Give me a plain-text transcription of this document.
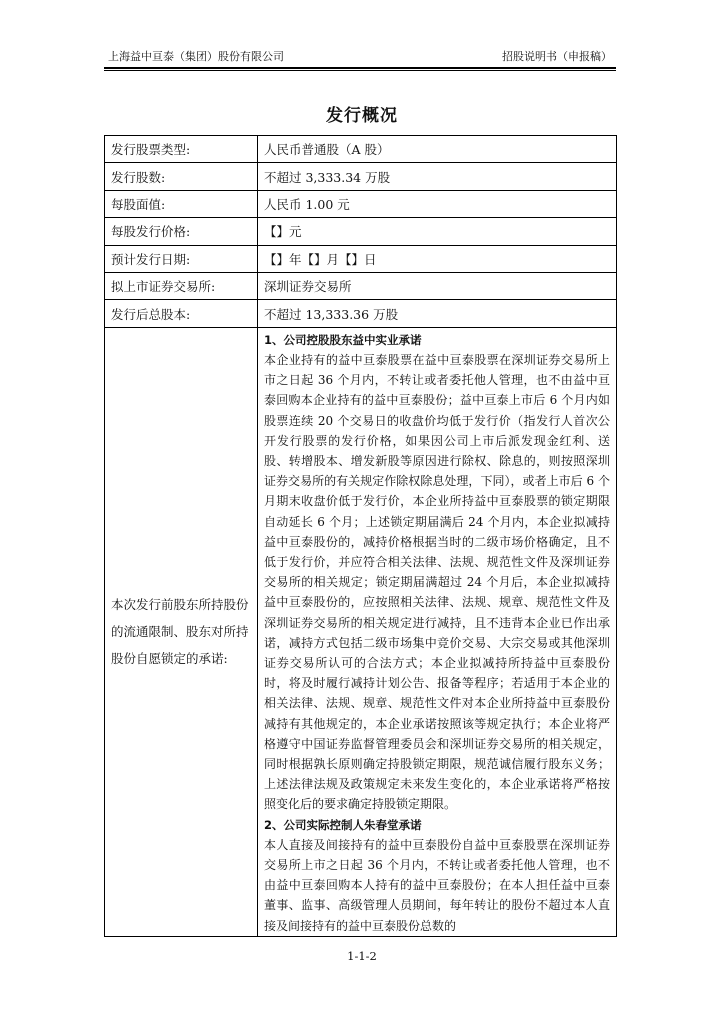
上海益中亘泰（集团）股份有限公司	招股说明书（申报稿）
发行概况
发行股票类型:	人民币普通股（A 股）
发行股数:	不超过 3,333.34 万股
每股面值:	人民币 1.00 元
每股发行价格:	【】元
预计发行日期:	【】年【】月【】日
拟上市证券交易所:	深圳证券交易所
发行后总股本:	不超过 13,333.36 万股
本次发行前股东所持股份的流通限制、股东对所持股份自愿锁定的承诺:	1、公司控股股东益中实业承诺
本企业持有的益中亘泰股票在益中亘泰股票在深圳证券交易所上市之日起 36 个月内，不转让或者委托他人管理，也不由益中亘泰回购本企业持有的益中亘泰股份；益中亘泰上市后 6 个月内如股票连续 20 个交易日的收盘价均低于发行价（指发行人首次公开发行股票的发行价格，如果因公司上市后派发现金红利、送股、转增股本、增发新股等原因进行除权、除息的，则按照深圳证券交易所的有关规定作除权除息处理，下同），或者上市后 6 个月期末收盘价低于发行价，本企业所持益中亘泰股票的锁定期限自动延长 6 个月；上述锁定期届满后 24 个月内，本企业拟减持益中亘泰股份的，减持价格根据当时的二级市场价格确定，且不低于发行价，并应符合相关法律、法规、规范性文件及深圳证券交易所的相关规定；锁定期届满超过 24 个月后，本企业拟减持益中亘泰股份的，应按照相关法律、法规、规章、规范性文件及深圳证券交易所的相关规定进行减持，且不违背本企业已作出承诺，减持方式包括二级市场集中竞价交易、大宗交易或其他深圳证券交易所认可的合法方式；本企业拟减持所持益中亘泰股份时，将及时履行减持计划公告、报备等程序；若适用于本企业的相关法律、法规、规章、规范性文件对本企业所持益中亘泰股份减持有其他规定的，本企业承诺按照该等规定执行；本企业将严格遵守中国证券监督管理委员会和深圳证券交易所的相关规定，同时根据孰长原则确定持股锁定期限，规范诚信履行股东义务；上述法律法规及政策规定未来发生变化的，本企业承诺将严格按照变化后的要求确定持股锁定期限。
2、公司实际控制人朱春堂承诺
本人直接及间接持有的益中亘泰股份自益中亘泰股票在深圳证券交易所上市之日起 36 个月内，不转让或者委托他人管理，也不由益中亘泰回购本人持有的益中亘泰股份；在本人担任益中亘泰董事、监事、高级管理人员期间，每年转让的股份不超过本人直接及间接持有的益中亘泰股份总数的
1-1-2
